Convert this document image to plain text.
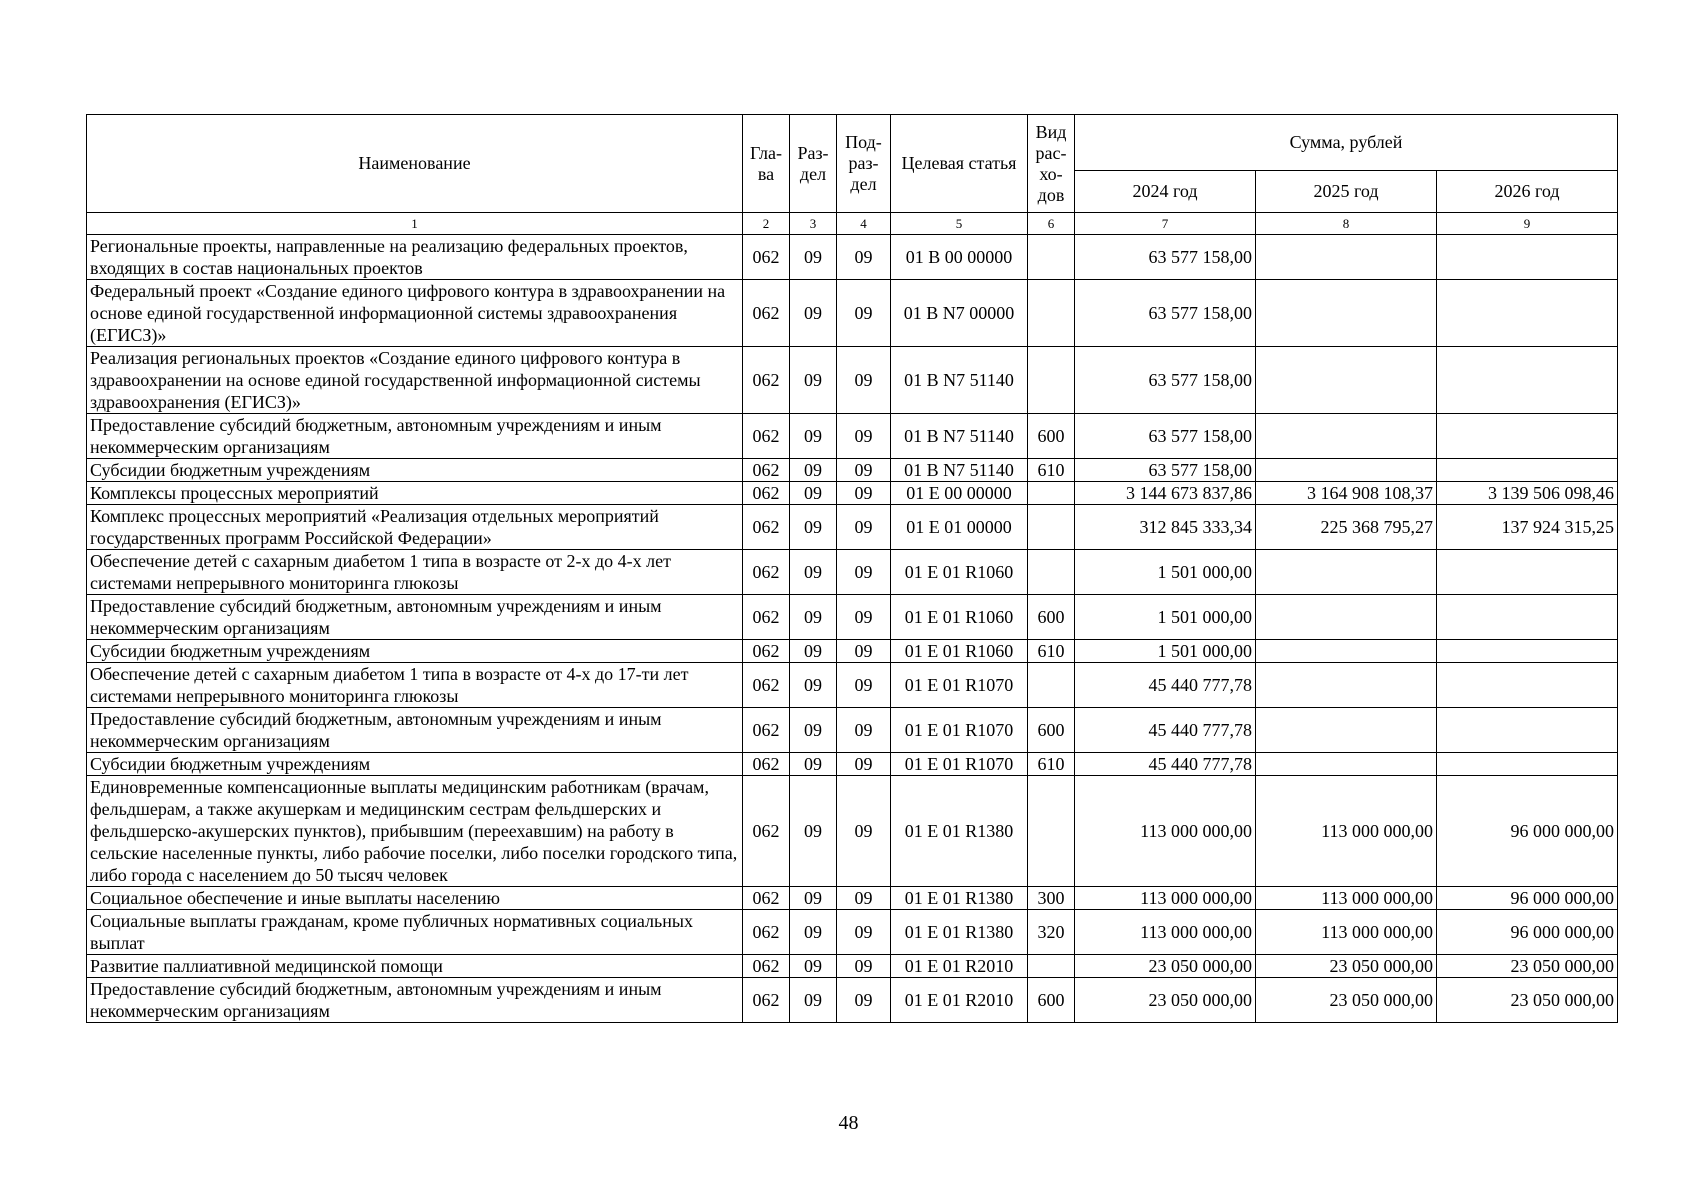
Наименование	Гла-ва	Раз-дел	Под-раз-дел	Целевая статья	Вид рас-хо-дов	Сумма, рублей		
						2024 год	2025 год	2026 год
1	2	3	4	5	6	7	8	9
Региональные проекты, направленные на реализацию федеральных проектов, входящих в состав национальных проектов	062	09	09	01 В 00 00000		63 577 158,00		
Федеральный проект «Создание единого цифрового контура в здравоохранении на основе единой государственной информационной системы здравоохранения (ЕГИСЗ)»	062	09	09	01 В N7 00000		63 577 158,00		
Реализация региональных проектов «Создание единого цифрового контура в здравоохранении на основе единой государственной информационной системы здравоохранения (ЕГИСЗ)»	062	09	09	01 В N7 51140		63 577 158,00		
Предоставление субсидий бюджетным, автономным учреждениям и иным некоммерческим организациям	062	09	09	01 В N7 51140	600	63 577 158,00		
Субсидии бюджетным учреждениям	062	09	09	01 В N7 51140	610	63 577 158,00		
Комплексы процессных мероприятий	062	09	09	01 Е 00 00000		3 144 673 837,86	3 164 908 108,37	3 139 506 098,46
Комплекс процессных мероприятий «Реализация отдельных мероприятий государственных программ Российской Федерации»	062	09	09	01 Е 01 00000		312 845 333,34	225 368 795,27	137 924 315,25
Обеспечение детей с сахарным диабетом 1 типа в возрасте от 2-х до 4-х лет системами непрерывного мониторинга глюкозы	062	09	09	01 Е 01 R1060		1 501 000,00		
Предоставление субсидий бюджетным, автономным учреждениям и иным некоммерческим организациям	062	09	09	01 Е 01 R1060	600	1 501 000,00		
Субсидии бюджетным учреждениям	062	09	09	01 Е 01 R1060	610	1 501 000,00		
Обеспечение детей с сахарным диабетом 1 типа в возрасте от 4-х до 17-ти лет системами непрерывного мониторинга глюкозы	062	09	09	01 Е 01 R1070		45 440 777,78		
Предоставление субсидий бюджетным, автономным учреждениям и иным некоммерческим организациям	062	09	09	01 Е 01 R1070	600	45 440 777,78		
Субсидии бюджетным учреждениям	062	09	09	01 Е 01 R1070	610	45 440 777,78		
Единовременные компенсационные выплаты медицинским работникам (врачам, фельдшерам, а также акушеркам и медицинским сестрам фельдшерских и фельдшерско-акушерских пунктов), прибывшим (переехавшим) на работу в сельские населенные пункты, либо рабочие поселки, либо поселки городского типа, либо города с населением до 50 тысяч человек	062	09	09	01 Е 01 R1380		113 000 000,00	113 000 000,00	96 000 000,00
Социальное обеспечение и иные выплаты населению	062	09	09	01 Е 01 R1380	300	113 000 000,00	113 000 000,00	96 000 000,00
Социальные выплаты гражданам, кроме публичных нормативных социальных выплат	062	09	09	01 Е 01 R1380	320	113 000 000,00	113 000 000,00	96 000 000,00
Развитие паллиативной медицинской помощи	062	09	09	01 Е 01 R2010		23 050 000,00	23 050 000,00	23 050 000,00
Предоставление субсидий бюджетным, автономным учреждениям и иным некоммерческим организациям	062	09	09	01 Е 01 R2010	600	23 050 000,00	23 050 000,00	23 050 000,00
48
